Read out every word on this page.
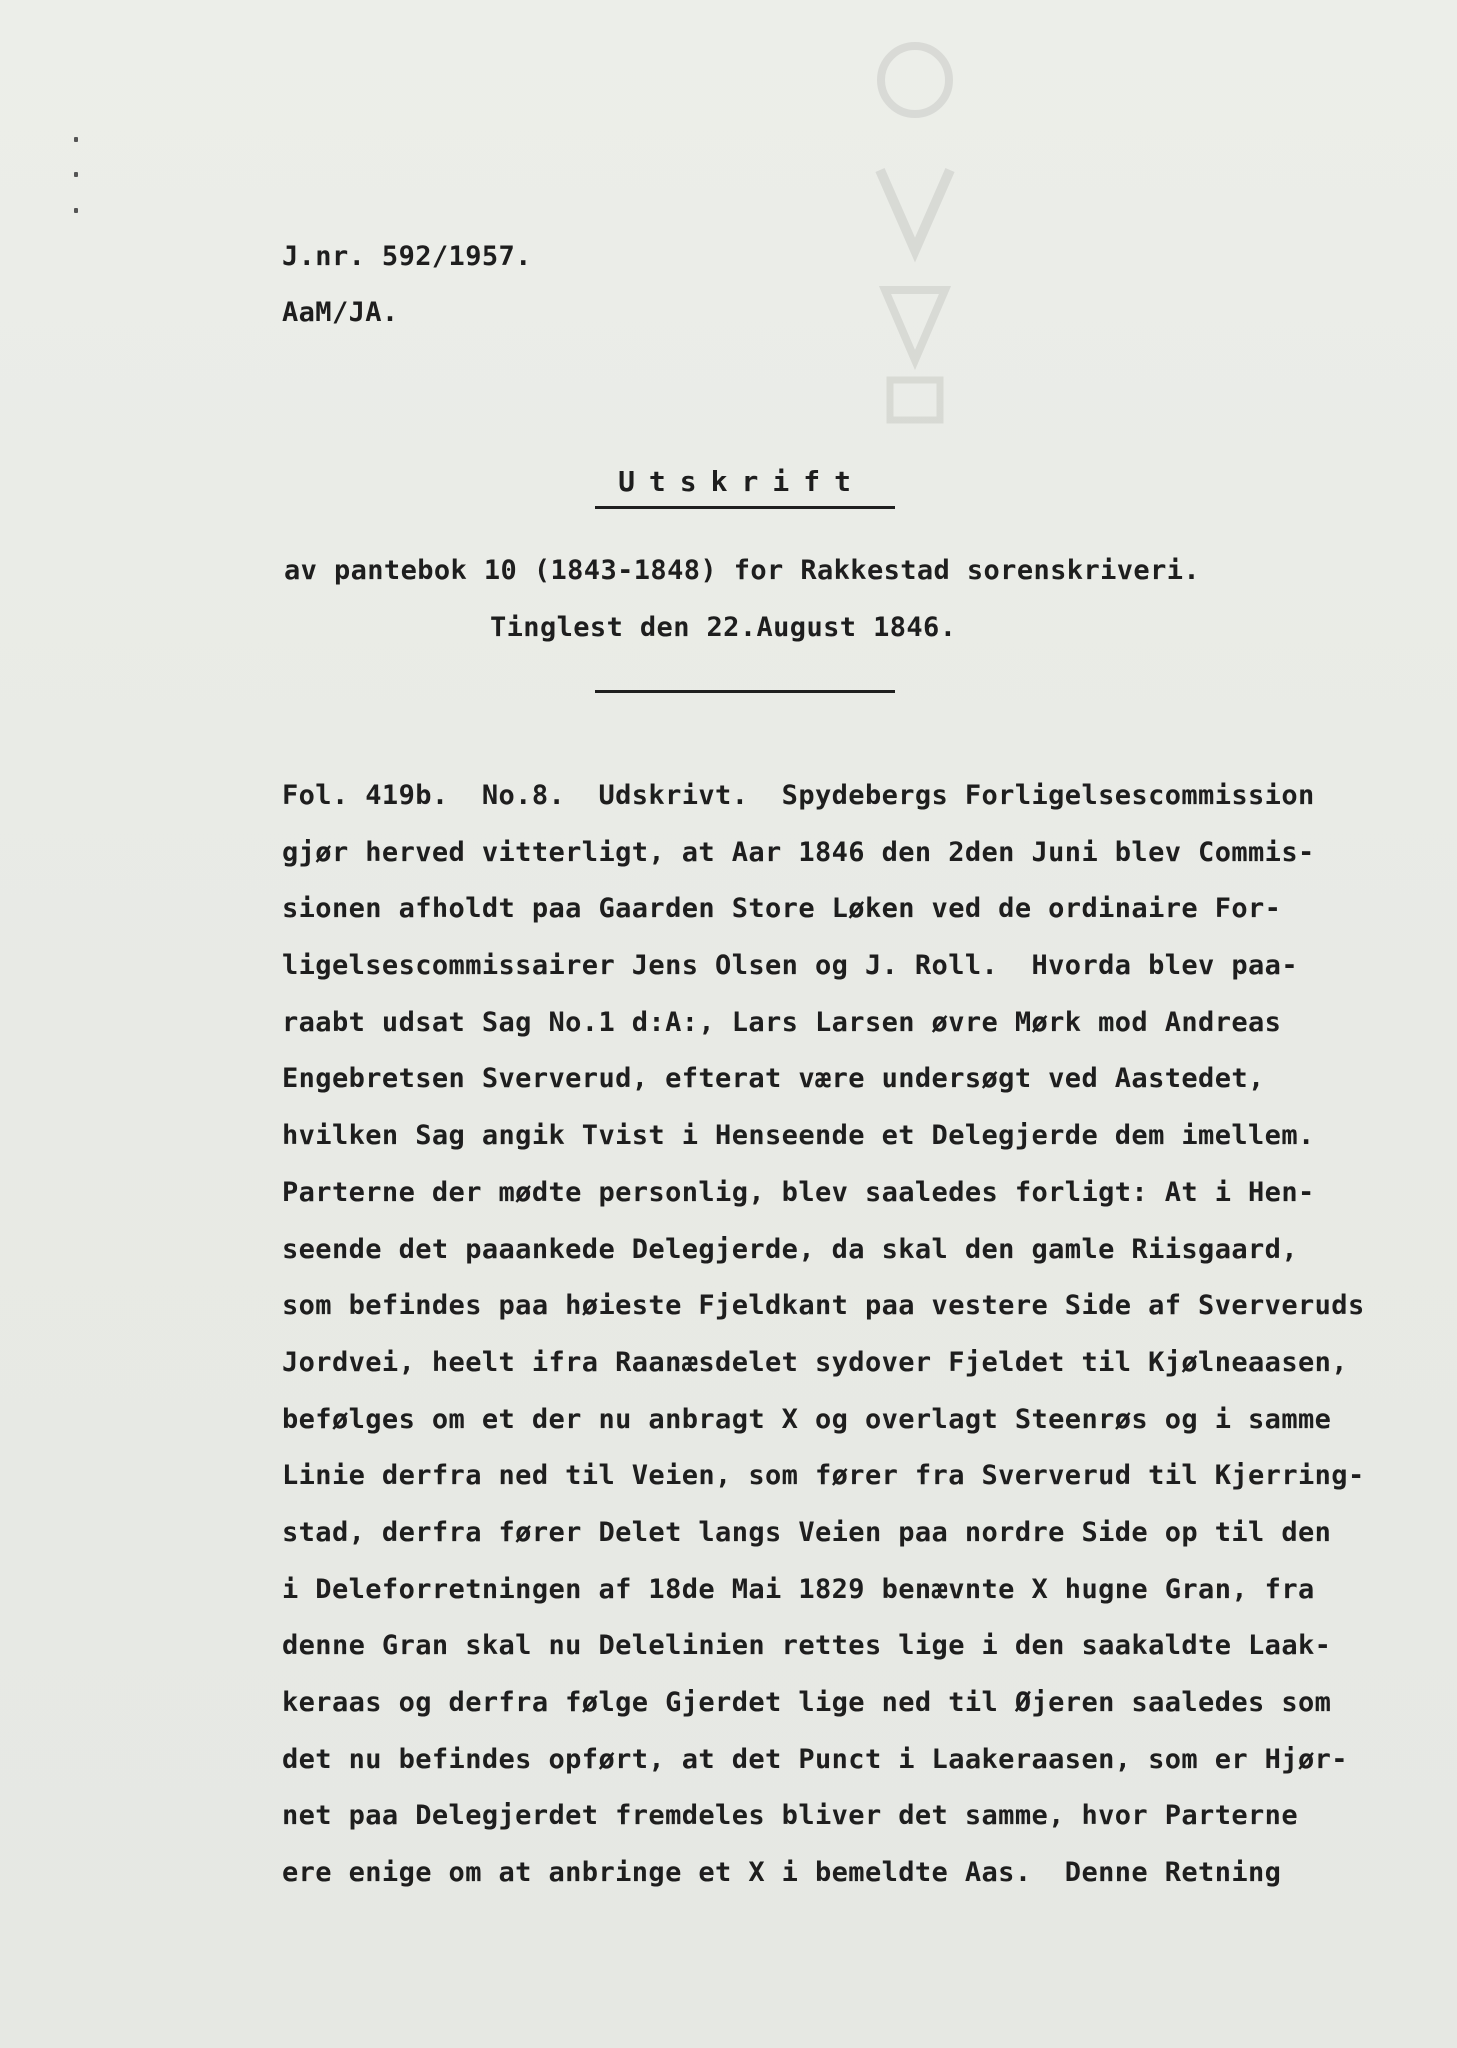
J.nr. 592/1957.
AaM/JA.
Utskrift
av pantebok 10 (1843-1848) for Rakkestad sorenskriveri.
Tinglest den 22.August 1846.
Fol. 419b.  No.8.  Udskrivt.  Spydebergs Forligelsescommission
gjør herved vitterligt, at Aar 1846 den 2den Juni blev Commis-
sionen afholdt paa Gaarden Store Løken ved de ordinaire For-
ligelsescommissairer Jens Olsen og J. Roll.  Hvorda blev paa-
raabt udsat Sag No.1 d:A:, Lars Larsen øvre Mørk mod Andreas
Engebretsen Sververud, efterat være undersøgt ved Aastedet,
hvilken Sag angik Tvist i Henseende et Delegjerde dem imellem.
Parterne der mødte personlig, blev saaledes forligt: At i Hen-
seende det paaankede Delegjerde, da skal den gamle Riisgaard,
som befindes paa høieste Fjeldkant paa vestere Side af Sververuds
Jordvei, heelt ifra Raanæsdelet sydover Fjeldet til Kjølneaasen,
befølges om et der nu anbragt X og overlagt Steenrøs og i samme
Linie derfra ned til Veien, som fører fra Sververud til Kjerring-
stad, derfra fører Delet langs Veien paa nordre Side op til den
i Deleforretningen af 18de Mai 1829 benævnte X hugne Gran, fra
denne Gran skal nu Delelinien rettes lige i den saakaldte Laak-
keraas og derfra følge Gjerdet lige ned til Øjeren saaledes som
det nu befindes opført, at det Punct i Laakeraasen, som er Hjør-
net paa Delegjerdet fremdeles bliver det samme, hvor Parterne
ere enige om at anbringe et X i bemeldte Aas.  Denne Retning
